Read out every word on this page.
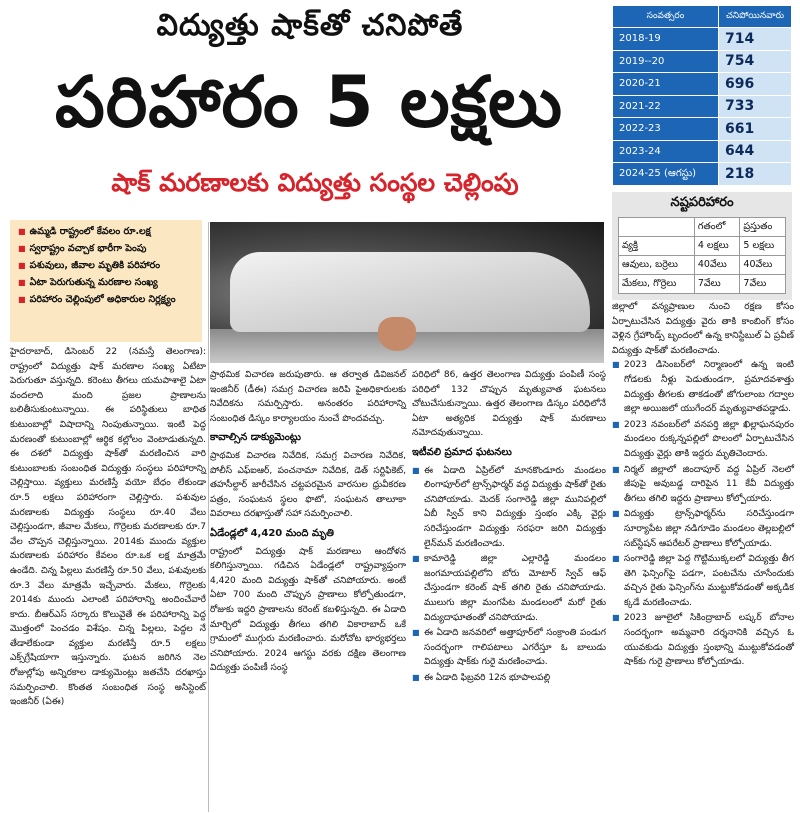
విద్యుత్తు షాక్‌తో చనిపోతే
పరిహారం 5 లక్షలు
షాక్ మరణాలకు విద్యుత్తు సంస్థల చెల్లింపు
సంవత్సరం	చనిపోయినవారు
2018-19	714
2019--20	754
2020-21	696
2021-22	733
2022-23	661
2023-24	644
2024-25 (ఆగస్టు)	218
నష్టపరిహారం
	గతంలో	ప్రస్తుతం
వ్యక్తి	4 లక్షలు	5 లక్షలు
ఆవులు, బర్రెలు	40వేలు	40వేలు
మేకలు, గొర్రెలు	7వేలు	7వేలు
■ ఉమ్మడి రాష్ట్రంలో కేవలం రూ.లక్ష
■ స్వరాష్ట్రం వచ్చాక భారీగా పెంపు
■ పశువులు, జీవాల మృతికి పరిహారం
■ ఏటా పెరుగుతున్న మరణాల సంఖ్య
■ పరిహారం చెల్లింపులో అధికారుల నిర్లక్ష్యం

హైదరాబాద్, డిసెంబర్ 22 (నమస్తే తెలంగాణ): రాష్ట్రంలో విద్యుత్తు షాక్ మరణాల సంఖ్య ఏటేటా పెరుగుతూ వస్తున్నది. కరెంటు తీగలు యమపాశాలై ఏటా వందలాది మంది ప్రజల ప్రాణాలను బలితీసుకుంటున్నాయి. ఈ పరిస్థితులు బాధిత కుటుంబాల్లో విషాదాన్ని నింపుతున్నాయి. ఇంటి పెద్ద మరణంతో కుటుంబాల్లో ఆర్థిక కల్లోలం వెంటాడుతున్నది. ఈ దశలో విద్యుత్తు షాక్‌తో మరణించిన వారి కుటుంబాలకు సంబంధిత విద్యుత్తు సంస్థలు పరిహారాన్ని చెల్లిస్తాయి. వ్యక్తులు మరణిస్తే వయో బేధం లేకుండా రూ.5 లక్షలు పరిహారంగా చెల్లిస్తారు. పశువుల మరణాలకు విద్యుత్తు సంస్థలు రూ.40 వేలు చెల్లిస్తుండగా, జీవాల మేకలు, గొర్రెలకు మరణాలకు రూ.7 వేల చొప్పన చెల్లిస్తున్నాయి. 2014కు ముందు వ్యక్తుల మరణాలకు పరిహారం కేవలం రూ.ఒక లక్ష మాత్రమే ఉండేది. చిన్న పిల్లలు మరణిస్తే రూ.50 వేలు, పశువులకు రూ.3 వేలు మాత్రమే ఇచ్చేవారు. మేకలు, గొర్రెలకు 2014కు ముందు ఎలాంటి పరిహారాన్ని అందించేవారే కాదు. బీఆర్‌ఎస్ సర్కారు కొలువైతే ఈ పరిహారాన్ని పెద్ద మొత్తంలో పెంచడం విశేషం. చిన్న పిల్లలు, పెద్దల నే తేడాలేకుండా వ్యక్తుల మరణిస్తే రూ.5 లక్షలు ఎక్స్‌గ్రేషియాగా ఇస్తున్నారు. ఘటన జరిగిన నెల రోజుల్లోపు అన్నిరకాల డాక్యుమెంట్లు జతచేసి దరఖాస్తు సమర్పించాలి. కొంతత సంబంధిత సంస్థ అసిస్టెంట్ ఇంజినీర్ (ఏఈ)

ప్రాథమిక విచారణ జరుపుతారు. ఆ తర్వాత డివిజనల్ ఇంజినీర్ (డీఈ) సమగ్ర విచారణ జరిపి పైఅధికారులకు నివేదికను సమర్పిస్తారు. అనంతరం పరిహారాన్ని సంబంధిత డిస్కం కార్యాలయం నుంచే పొందవచ్చు.

కావాల్సిన డాక్యుమెంట్లు

ప్రాథమిక విచారణ నివేదిక, సమగ్ర విచారణ నివేదిక, పోలీస్ ఎఫ్‌ఐఆర్, పంచనామా నివేదిక, డెత్ సర్టిఫికెట్, తహసీల్దార్ జారీచేసిన చట్టపరమైన వారసుల ధ్రువీకరణ పత్రం, సంఘటన స్థలం ఫొటో, సంఘటన తాలూకా వివరాలు దరఖాస్తుతో సహా సమర్పించాలి.

ఏడేండ్లలో 4,420 మంది మృతి

రాష్ట్రంలో విద్యుత్తు షాక్ మరణాలు ఆందోళన కలిగిస్తున్నాయి. గడిచిన ఏడేండ్లలో రాష్ట్రవ్యాప్తంగా 4,420 మంది విద్యుత్తు షాక్‌తో చనిపోయారు. అంటే ఏటా 700 మంది చొప్పున ప్రాణాలు కోల్పోతుండగా, రోజుకు ఇద్దరి ప్రాణాలను కరెంట్ కబళిస్తున్నది. ఈ ఏడాది మార్చిలో విద్యుత్తు తీగలు తగిలి వికారాబాద్ ఒకే గ్రామంలో ముగ్గురు మరణించారు. మరోచోట భార్యభర్తలు చనిపోయారు. 2024 ఆగస్టు వరకు దక్షిణ తెలంగాణ విద్యుత్తు పంపిణీ సంస్థ

పరిధిలో 86, ఉత్తర తెలంగాణ విద్యుత్తు పంపిణీ సంస్థ పరిధిలో 132 చొప్పున మృత్యువాత ఘటనలు చోటుచేసుకున్నాయి. ఉత్తర తెలంగాణ డిస్కం పరిధిలోనే ఏటా అత్యధిక విద్యుత్తు షాక్ మరణాలు నమోదవుతున్నాయి.

ఇటీవలి ప్రమాద ఘటనలు
■ ఈ ఏడాది ఏప్రిల్‌లో మానకొండూరు మండలం లింగాపూర్‌లో ట్రాన్స్‌ఫార్మర్ వద్ద విద్యుత్తు షాక్‌తో రైతు చనిపోయాడు. మెదక్ సంగారెడ్డి జిల్లా మునిపల్లిలో ఏబీ స్విచ్ కాని విద్యుత్తు స్తంభం ఎక్కి వైర్లు సరిచేస్తుండగా విద్యుత్తు సరఫరా జరిగి విద్యుత్తు లైన్‌మన్ మరణించాడు.
■ కామారెడ్డి జిల్లా ఎల్లారెడ్డి మండలం జంగమాయపల్లిలోని బోరు మోటార్ స్విచ్ ఆఫ్ చేస్తుండగా కరెంట్ షాక్ తగిలి రైతు చనిపోయాడు. ములుగు జిల్లా మంగపేట మండలంలో మరో రైతు విద్యుదాఘాతంతో చనిపోయాడు.
■ ఈ ఏడాది జనవరిలో అత్తాపూర్‌లో సంక్రాంతి పండుగ సందర్భంగా గాలిపటాలు ఎగరేస్తూ ఓ బాలుడు విద్యుత్తు షాక్‌కు గురై మరణించాడు.
■ ఈ ఏడాది ఫిబ్రవరి 12న భూపాలపల్లి

జిల్లాలో వన్యప్రాణుల నుంచి రక్షణ కోసం ఏర్పాటుచేసిన విద్యుత్తు వైరు తాకి కాంబింగ్ కోసం వెళ్లిన గ్రేహౌండ్స్ బృందంలో ఉన్న కానిస్టేబుల్ ఏ ప్రవీణ్ విద్యుత్తు షాక్‌తో మరణించాడు.

■ 2023 డిసెంబర్‌లో నిర్మాణంలో ఉన్న ఇంటి గోడలకు నీళ్లు పెడుతుండగా, ప్రమాదవశాత్తు విద్యుత్తు తీగలకు తాకడంతో జోగులాంబ గద్వాల జిల్లా అయిజలో యుగేందర్ మృత్యువాతపడ్డాడు.
■ 2023 నవంబర్‌లో వనపర్తి జిల్లా ఖిల్లాఘనపురం మండలం రుక్కన్నపల్లిలో పొలంలో ఏర్పాటుచేసిన విద్యుత్తు వైర్లు తాకి ఇద్దరు మృతిచెందారు.
■ నిర్మల్ జిల్లాలో జిందాపూర్ వద్ద ఏప్రిల్ నెలలో జీపుపై అవుబడ్డ దారిపైన 11 కేవీ విద్యుత్తు తీగలు తగిలి ఇద్దరు ప్రాణాలు కోల్పోయారు.
■ విద్యుత్తు ట్రాన్స్‌ఫార్మర్‌ను సరిచేస్తుండగా సూర్యాపేట జిల్లా నడిగూడెం మండలం తెల్లబల్లిలో సబ్‌స్టేషన్ ఆపరేటర్ ప్రాణాలు కోల్పోయాడు.
■ సంగారెడ్డి జిల్లా పెద్ద గొట్టిముక్కలలో విద్యుత్తు తీగ తెగి ఫెన్సింగ్‌పై పడగా, పంటచేను చూసేందుకు వచ్చిన రైతు ఫెన్సింగ్‌ను ముట్టుకోవడంతో అక్కడిక క్కడే మరణించాడు.
■ 2023 జూలైలో సికింద్రాబాద్ లష్కర్ బోనాల సందర్భంగా అమ్మవారి దర్శనానికి వచ్చిన ఓ యువకుడు విద్యుత్తు స్తంభాన్ని ముట్టుకోవడంతో షాక్‌కు గురై ప్రాణాలు కోల్పోయాడు.
